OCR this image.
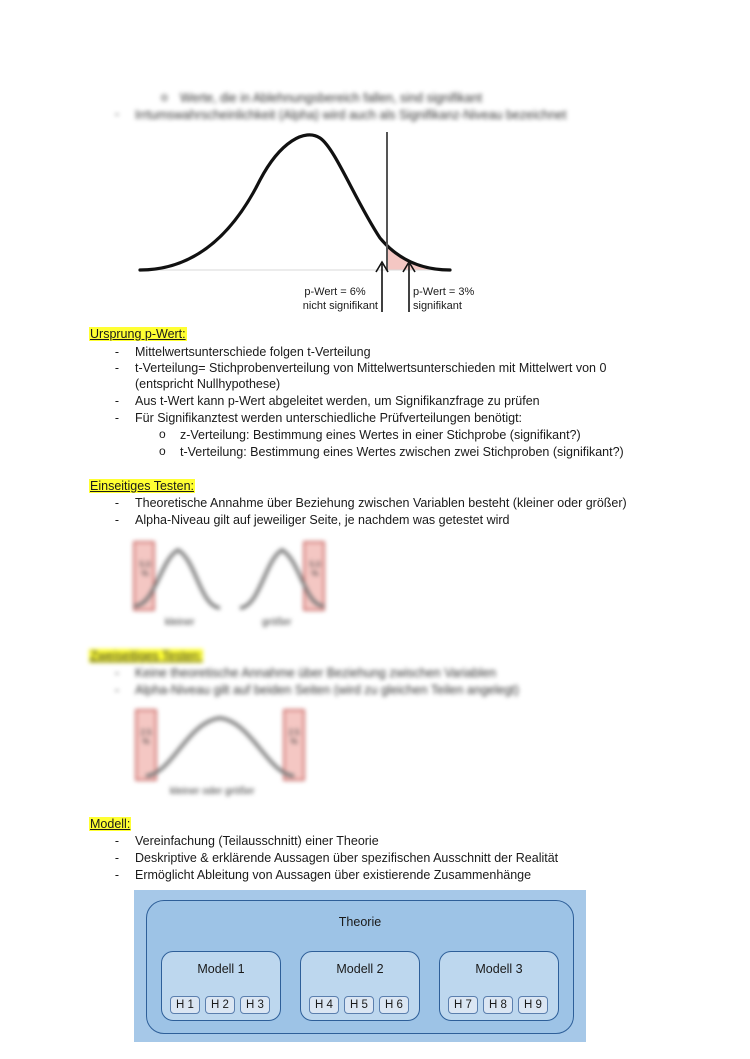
o Werte, die in Ablehnungsbereich fallen, sind signifikant
- Irrtumswahrscheinlichkeit (Alpha) wird auch als Signifikanz-Niveau bezeichnet
p-Wert = 6%
nicht signifikant
p-Wert = 3%
signifikant
Ursprung p-Wert:
- Mittelwertsunterschiede folgen t-Verteilung
- t-Verteilung= Stichprobenverteilung von Mittelwertsunterschieden mit Mittelwert von 0
(entspricht Nullhypothese)
- Aus t-Wert kann p-Wert abgeleitet werden, um Signifikanzfrage zu prüfen
- Für Signifikanztest werden unterschiedliche Prüfverteilungen benötigt:
o z-Verteilung: Bestimmung eines Wertes in einer Stichprobe (signifikant?)
o t-Verteilung: Bestimmung eines Wertes zwischen zwei Stichproben (signifikant?)
Einseitiges Testen:
- Theoretische Annahme über Beziehung zwischen Variablen besteht (kleiner oder größer)
- Alpha-Niveau gilt auf jeweiliger Seite, je nachdem was getestet wird
5.0 %
5.0 %
kleiner	größer
Zweiseitiges Testen:
- Keine theoretische Annahme über Beziehung zwischen Variablen
- Alpha-Niveau gilt auf beiden Seiten (wird zu gleichen Teilen angelegt)
2.5 %
2.5 %
kleiner oder größer
Modell:
- Vereinfachung (Teilausschnitt) einer Theorie
- Deskriptive & erklärende Aussagen über spezifischen Ausschnitt der Realität
- Ermöglicht Ableitung von Aussagen über existierende Zusammenhänge
Theorie
Modell 1
H 1	H 2	H 3
Modell 2
H 4	H 5	H 6
Modell 3
H 7	H 8	H 9
